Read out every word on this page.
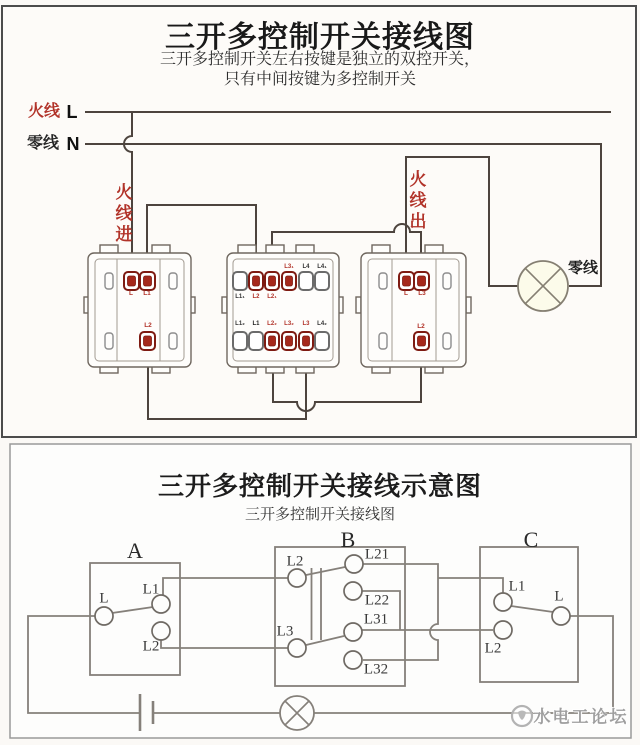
三开多控制开关接线图
三开多控制开关左右按键是独立的双控开关，
只有中间按键为多控制开关
火线 L
零线 N
火线进	火线出
零线
L L1
L2
L3₁ L4 L4₁
L1₁ L2 L2₁
L1₂ L1 L2₂ L3₂ L3 L4₂
L L3
L2
三开多控制开关接线示意图
三开多控制开关接线图
A	B	C
L
L1
L2
L2
L3
L21
L22
L31
L32
L1
L2
L
水电工论坛
